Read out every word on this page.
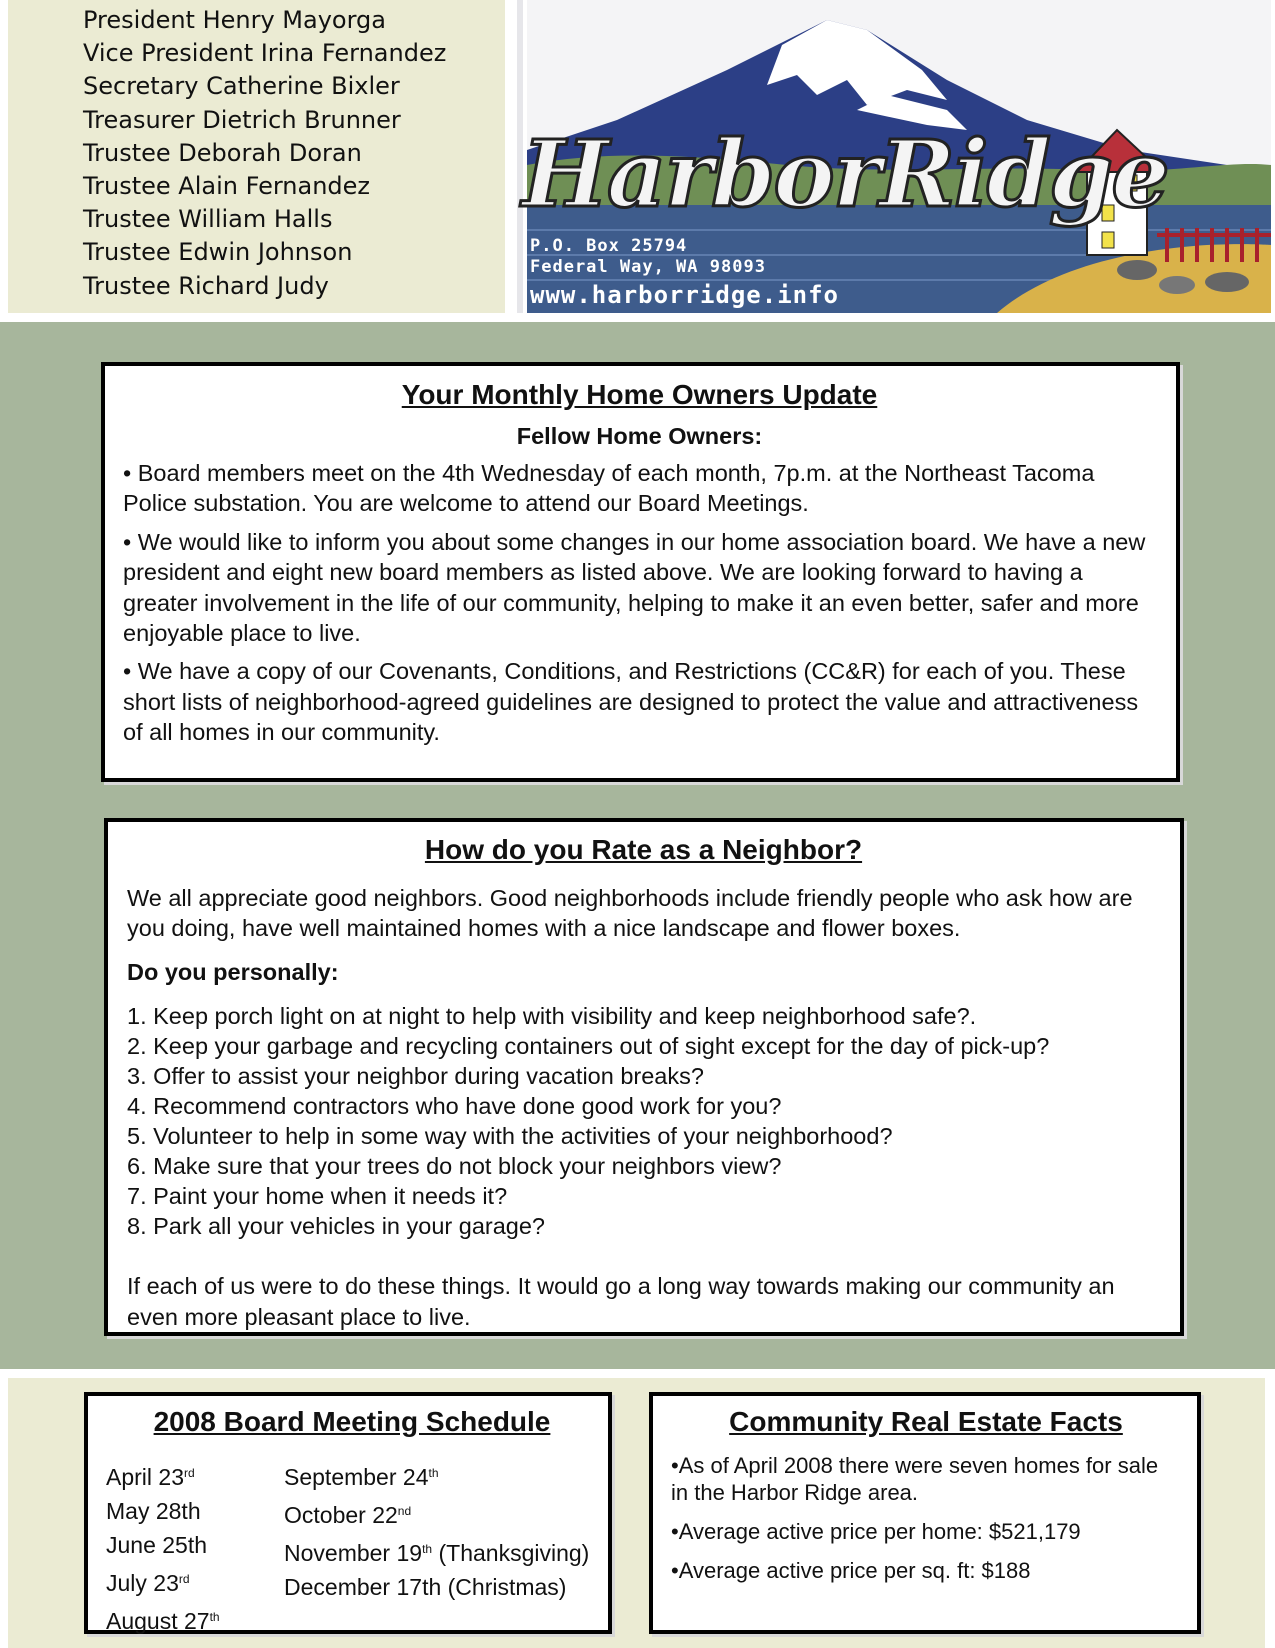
President Henry Mayorga
Vice President Irina Fernandez
Secretary Catherine Bixler
Treasurer Dietrich Brunner
Trustee Deborah Doran
Trustee Alain Fernandez
Trustee William Halls
Trustee Edwin Johnson
Trustee Richard Judy
HarborRidge
P.O. Box 25794
Federal Way, WA 98093
www.harborridge.info
Your Monthly Home Owners Update
Fellow Home Owners:

• Board members meet on the 4th Wednesday of each month, 7p.m. at the Northeast Tacoma Police substation. You are welcome to attend our Board Meetings.

• We would like to inform you about some changes in our home association board. We have a new president and eight new board members as listed above. We are looking forward to having a greater involvement in the life of our community, helping to make it an even better, safer and more enjoyable place to live.

• We have a copy of our Covenants, Conditions, and Restrictions (CC&R) for each of you. These short lists of neighborhood-agreed guidelines are designed to protect the value and attractiveness of all homes in our community.

How do you Rate as a Neighbor?

We all appreciate good neighbors. Good neighborhoods include friendly people who ask how are you doing, have well maintained homes with a nice landscape and flower boxes.

Do you personally:

1. Keep porch light on at night to help with visibility and keep neighborhood safe?.
2. Keep your garbage and recycling containers out of sight except for the day of pick-up?
3. Offer to assist your neighbor during vacation breaks?
4. Recommend contractors who have done good work for you?
5. Volunteer to help in some way with the activities of your neighborhood?
6. Make sure that your trees do not block your neighbors view?
7. Paint your home when it needs it?
8. Park all your vehicles in your garage?

If each of us were to do these things. It would go a long way towards making our community an even more pleasant place to live.

2008 Board Meeting Schedule
April 23rd
May 28th
June 25th
July 23rd
August 27th
September 24th
October 22nd
November 19th (Thanksgiving)
December 17th (Christmas)
Community Real Estate Facts

•As of April 2008 there were seven homes for sale in the Harbor Ridge area.

•Average active price per home: $521,179

•Average active price per sq. ft: $188
